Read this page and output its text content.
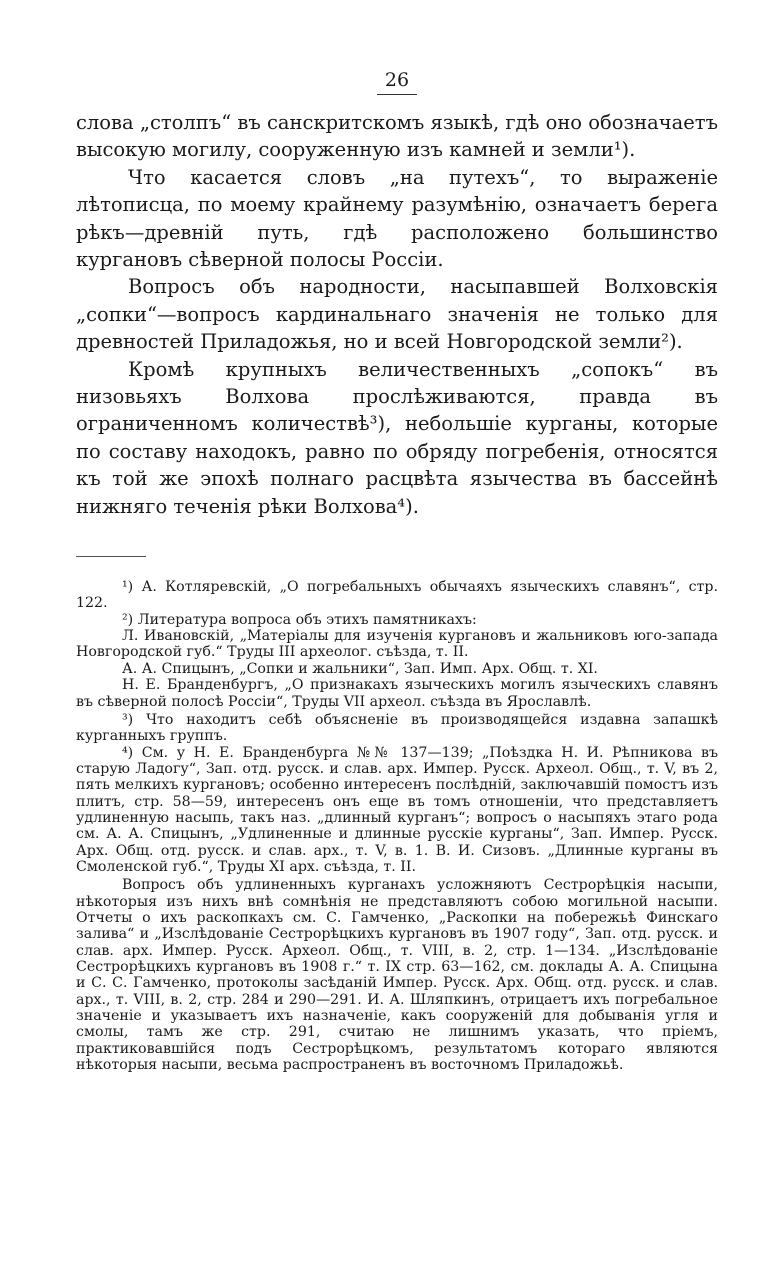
26

слова „столпъ“ въ санскритскомъ языкѣ, гдѣ оно обозначаетъ высокую могилу, сооруженную изъ камней и земли¹).

Что касается словъ „на путехъ“, то выраженіе лѣтописца, по моему крайнему разумѣнію, означаетъ берега рѣкъ—древній путь, гдѣ расположено большинство кургановъ сѣверной полосы Россіи.

Вопросъ объ народности, насыпавшей Волховскія „сопки“—вопросъ кардинальнаго значенія не только для древностей Приладожья, но и всей Новгородской земли²).

Кромѣ крупныхъ величественныхъ „сопокъ“ въ низовьяхъ Волхова прослѣживаются, правда въ ограниченномъ количествѣ³), небольшіе курганы, которые по составу находокъ, равно по обряду погребенія, относятся къ той же эпохѣ полнаго расцвѣта язычества въ бассейнѣ нижняго теченія рѣки Волхова⁴).

¹) А. Котляревскій, „О погребальныхъ обычаяхъ языческихъ славянъ“, стр. 122.

²) Литература вопроса объ этихъ памятникахъ:

Л. Ивановскій, „Матеріалы для изученія кургановъ и жальниковъ юго-запада Новгородской губ.“ Труды III археолог. съѣзда, т. II.

А. А. Спицынъ, „Сопки и жальники“, Зап. Имп. Арх. Общ. т. XI.

Н. Е. Бранденбургъ, „О признакахъ языческихъ могилъ языческихъ славянъ въ сѣверной полосѣ Россіи“, Труды VII археол. съѣзда въ Ярославлѣ.

³) Что находитъ себѣ объясненіе въ производящейся издавна запашкѣ курганныхъ группъ.

⁴) См. у Н. Е. Бранденбурга №№ 137—139; „Поѣздка Н. И. Рѣпникова въ старую Ладогу“, Зап. отд. русск. и слав. арх. Импер. Русск. Археол. Общ., т. V, въ 2, пять мелкихъ кургановъ; особенно интересенъ послѣдній, заключавшій помостъ изъ плитъ, стр. 58—59, интересенъ онъ еще въ томъ отношеніи, что представляетъ удлиненную насыпь, такъ наз. „длинный курганъ“; вопросъ о насыпяхъ этаго рода см. А. А. Спицынъ, „Удлиненные и длинные русскіе курганы“, Зап. Импер. Русск. Арх. Общ. отд. русск. и слав. арх., т. V, в. 1. В. И. Сизовъ. „Длинные курганы въ Смоленской губ.“, Труды XI арх. съѣзда, т. II.

Вопросъ объ удлиненныхъ курганахъ усложняютъ Сестрорѣцкія насыпи, нѣкоторыя изъ нихъ внѣ сомнѣнія не представляютъ собою могильной насыпи. Отчеты о ихъ раскопкахъ см. С. Гамченко, „Раскопки на побережьѣ Финскаго залива“ и „Изслѣдованіе Сестрорѣцкихъ кургановъ въ 1907 году“, Зап. отд. русск. и слав. арх. Импер. Русск. Археол. Общ., т. VIII, в. 2, стр. 1—134. „Изслѣдованіе Сестрорѣцкихъ кургановъ въ 1908 г.“ т. IX стр. 63—162, см. доклады А. А. Спицына и С. С. Гамченко, протоколы засѣданій Импер. Русск. Арх. Общ. отд. русск. и слав. арх., т. VIII, в. 2, стр. 284 и 290—291. И. А. Шляпкинъ, отрицаетъ ихъ погребальное значеніе и указываетъ ихъ назначеніе, какъ сооруженій для добыванія угля и смолы, тамъ же стр. 291, считаю не лишнимъ указать, что пріемъ, практиковавшійся подъ Сестрорѣцкомъ, результатомъ котораго являются нѣкоторыя насыпи, весьма распространенъ въ восточномъ Приладожьѣ.
